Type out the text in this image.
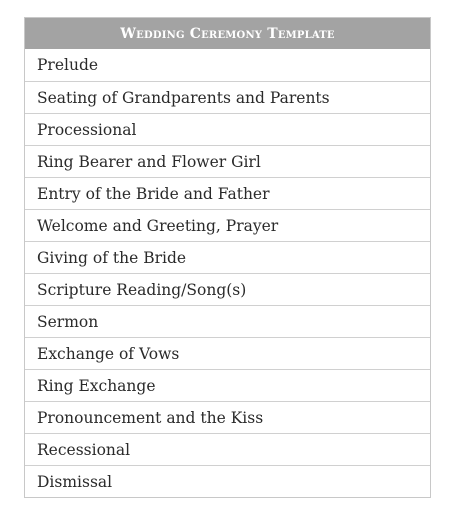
Wedding Ceremony Template
Prelude
Seating of Grandparents and Parents
Processional
Ring Bearer and Flower Girl
Entry of the Bride and Father
Welcome and Greeting, Prayer
Giving of the Bride
Scripture Reading/Song(s)
Sermon
Exchange of Vows
Ring Exchange
Pronouncement and the Kiss
Recessional
Dismissal
